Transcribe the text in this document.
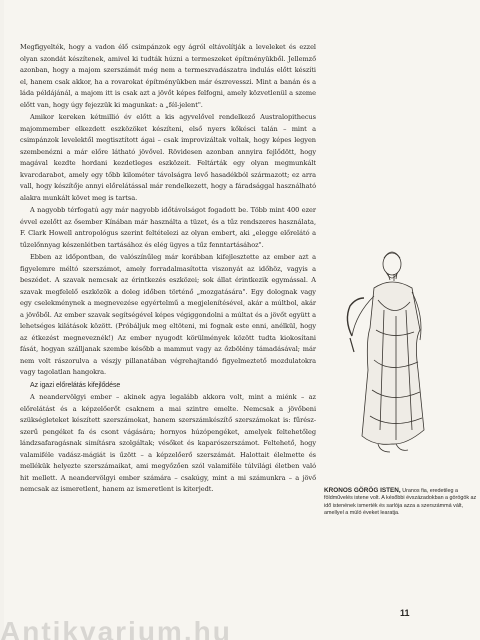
Megfigyelték, hogy a vadon élő csimpánzok egy ágról eltávolítják a leveleket és ezzel olyan szondát készítenek, amivel ki tudták húzni a termeszeket építményükből. Jellemző azonban, hogy a majom szerszámát még nem a termeszvadászatra indulás előtt készíti el, hanem csak akkor, ha a rovarokat építményükben már észrevesszi. Mint a banán és a láda példájánál, a majom itt is csak azt a jövőt képes felfogni, amely közvetlenül a szeme előtt van, hogy úgy fejezzük ki magunkat: a „fél-jelent".

Amikor kereken kétmillió év előtt a kis agyvelővel rendelkező Australopithecus majommember elkezdett eszközöket készíteni, első nyers kőkésci talán – mint a csimpánzok levelektől megtisztított ágai – csak improvizáltak voltak, hogy képes legyen szembenézni a már előre látható jövővel. Rövidesen azonban annyira fejlődött, hogy magával kezdte hordani kezdetleges eszközeit. Feltárták egy olyan megmunkált kvarcdarabot, amely egy tőbb kilométer távolságra levő hasadékból származott; ez arra vall, hogy készítője annyi előrelátással már rendelkezett, hogy a fáradsággal használható alakra munkált követ meg is tartsa.

A nagyobb térfogatú agy már nagyobb időtávolságot fogadott be. Több mint 400 ezer évvel ezelőtt az ősember Kínában már használta a tüzet, és a tűz rendszeres használata, F. Clark Howell antropológus szerint feltételezi az olyan embert, aki „elegge előrelátó a tűzelőnnyag készenlétben tartásához és elég ügyes a tűz fenntartásához".

Ebben az időpontban, de valószínűleg már korábban kifejlesztette az ember azt a figyelemre méltó szerszámot, amely forradalmasította viszonyát az időhöz, vagyis a beszédet. A szavak nemcsak az érintkezés eszközei; sok állat érintkezik egymással. A szavak megfelelő eszközök a doleg időben történő „mozgatására". Egy dolognak vagy egy cselekménynek a megnevezése egyértelmű a megjelenítésével, akár a múltbol, akár a jövőből. Az ember szavak segítségével képes végiggondolni a múltat és a jövőt együtt a lehetséges kilátások között. (Próbáljuk meg eltöteni, mi fognak este enni, anélkül, hogy az étkezést megneveznék!) Az ember nyugodt körülmények között tudta kiokosítani fását, hogyan szálljanak szembe később a mammut vagy az őzbölény támadásával; már nem volt rászorulva a vészjy pillanatában végrehajtandó figyelmeztető mozdulatokra vagy tagolatlan hangokra.

Az igazi előrelátás kifejlődése

A neandervölgyi ember – akinek agya legalább akkora volt, mint a miénk – az előrelátást és a képzelőerőt csaknem a mai szintre emelte. Nemcsak a jövőbeni szükségleteket készített szerszámokat, hanem szerszámkészítő szerszámokat is: fűrész-szerű pengéket fa és csont vágására; hornyos húzópengéket, amelyek feltehetőleg lándzsafaragásnak simításra szolgáltak; vésőket és kaparószerszámot. Feltehető, hogy valamiféle vadász-mágiát is űzött – a képzelőerő szerszámát. Halottait élelmette és mellékük helyezte szerszámaikat, ami megyőzően szól valamiféle túlvilági életben való hit mellett. A neandervölgyi ember számára – csakúgy, mint a mi számunkra – a jövő nemcsak az ismeretlent, hanem az ismeretlent is kiterjedt.	KRONOS GÖRÖG ISTEN, Uranos fia, eredetileg a földművelés istene volt. A későbbi évszázadokban a görögök az idő istenének ismerték és sarlója azza a szerszámmá vált, amellyel a múló éveket learatja.
11
Antikvarium.hu
